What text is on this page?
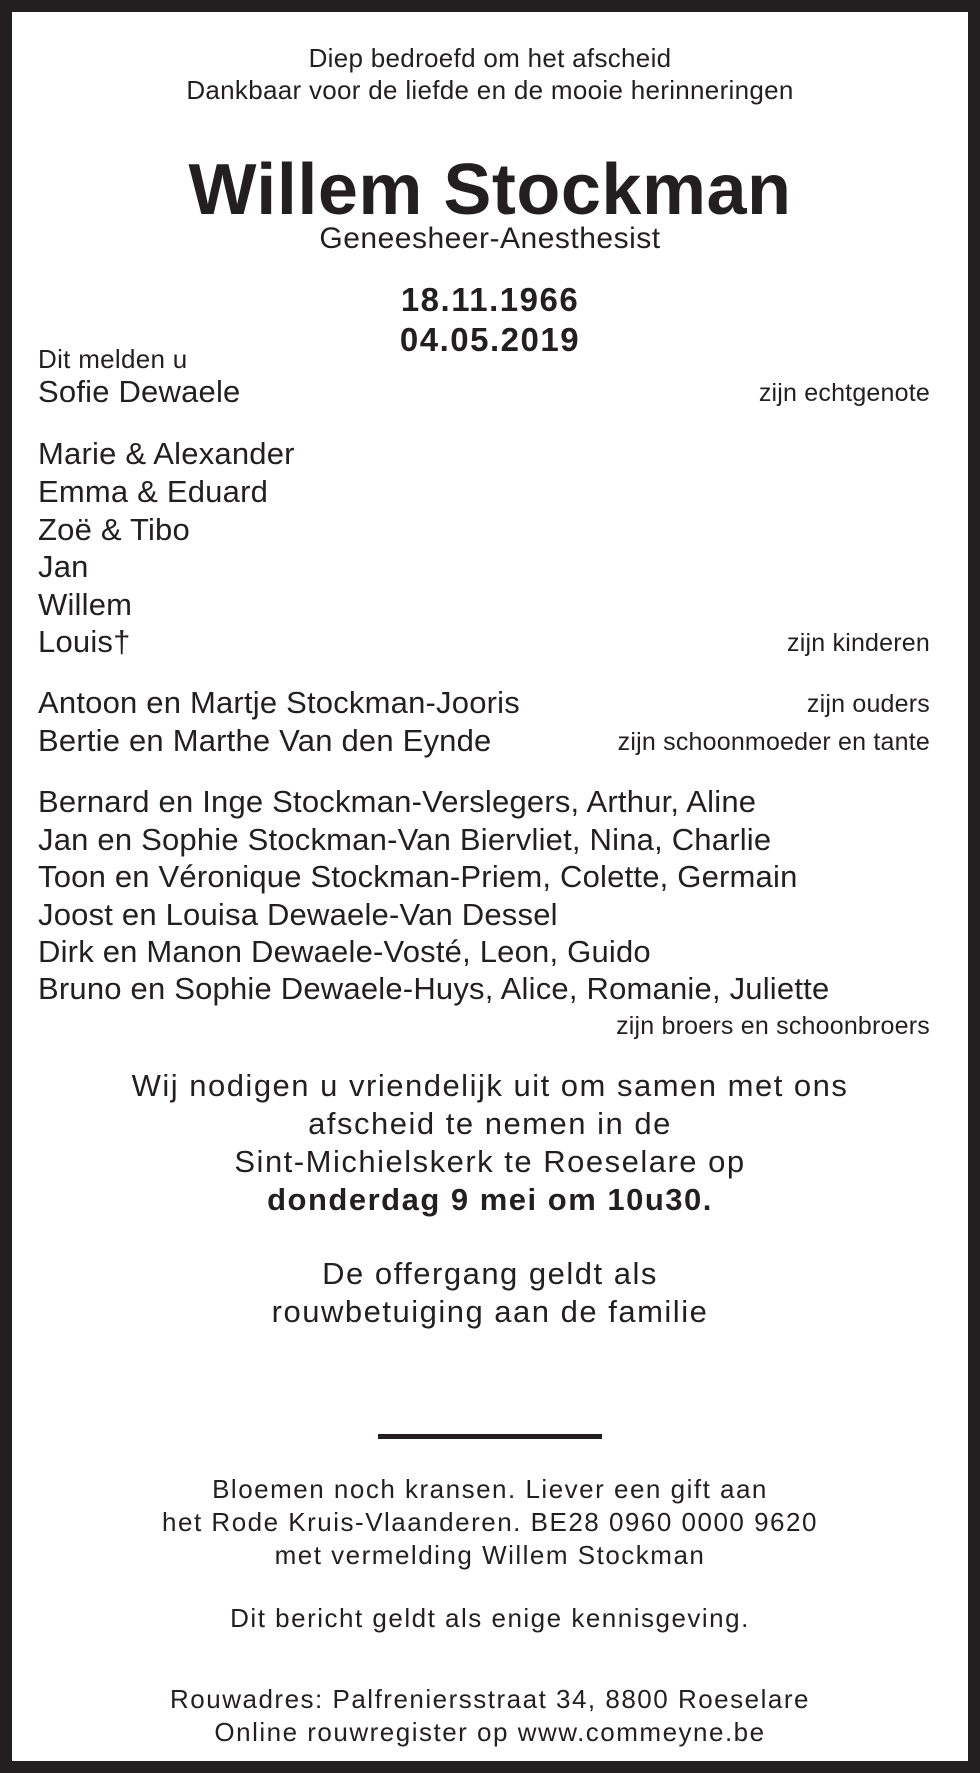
Diep bedroefd om het afscheid
Dankbaar voor de liefde en de mooie herinneringen
Willem Stockman
Geneesheer-Anesthesist
18.11.1966
04.05.2019
Dit melden u
Sofie Dewaele	zijn echtgenote
Marie & Alexander
Emma & Eduard
Zoë & Tibo
Jan
Willem
Louis†	zijn kinderen
Antoon en Martje Stockman-Jooris	zijn ouders
Bertie en Marthe Van den Eynde	zijn schoonmoeder en tante
Bernard en Inge Stockman-Verslegers, Arthur, Aline
Jan en Sophie Stockman-Van Biervliet, Nina, Charlie
Toon en Véronique Stockman-Priem, Colette, Germain
Joost en Louisa Dewaele-Van Dessel
Dirk en Manon Dewaele-Vosté, Leon, Guido
Bruno en Sophie Dewaele-Huys, Alice, Romanie, Juliette
zijn broers en schoonbroers
Wij nodigen u vriendelijk uit om samen met ons
afscheid te nemen in de
Sint-Michielskerk te Roeselare op
donderdag 9 mei om 10u30.
De offergang geldt als
rouwbetuiging aan de familie
Bloemen noch kransen. Liever een gift aan
het Rode Kruis-Vlaanderen. BE28 0960 0000 9620
met vermelding Willem Stockman
Dit bericht geldt als enige kennisgeving.
Rouwadres: Palfreniersstraat 34, 8800 Roeselare
Online rouwregister op www.commeyne.be
